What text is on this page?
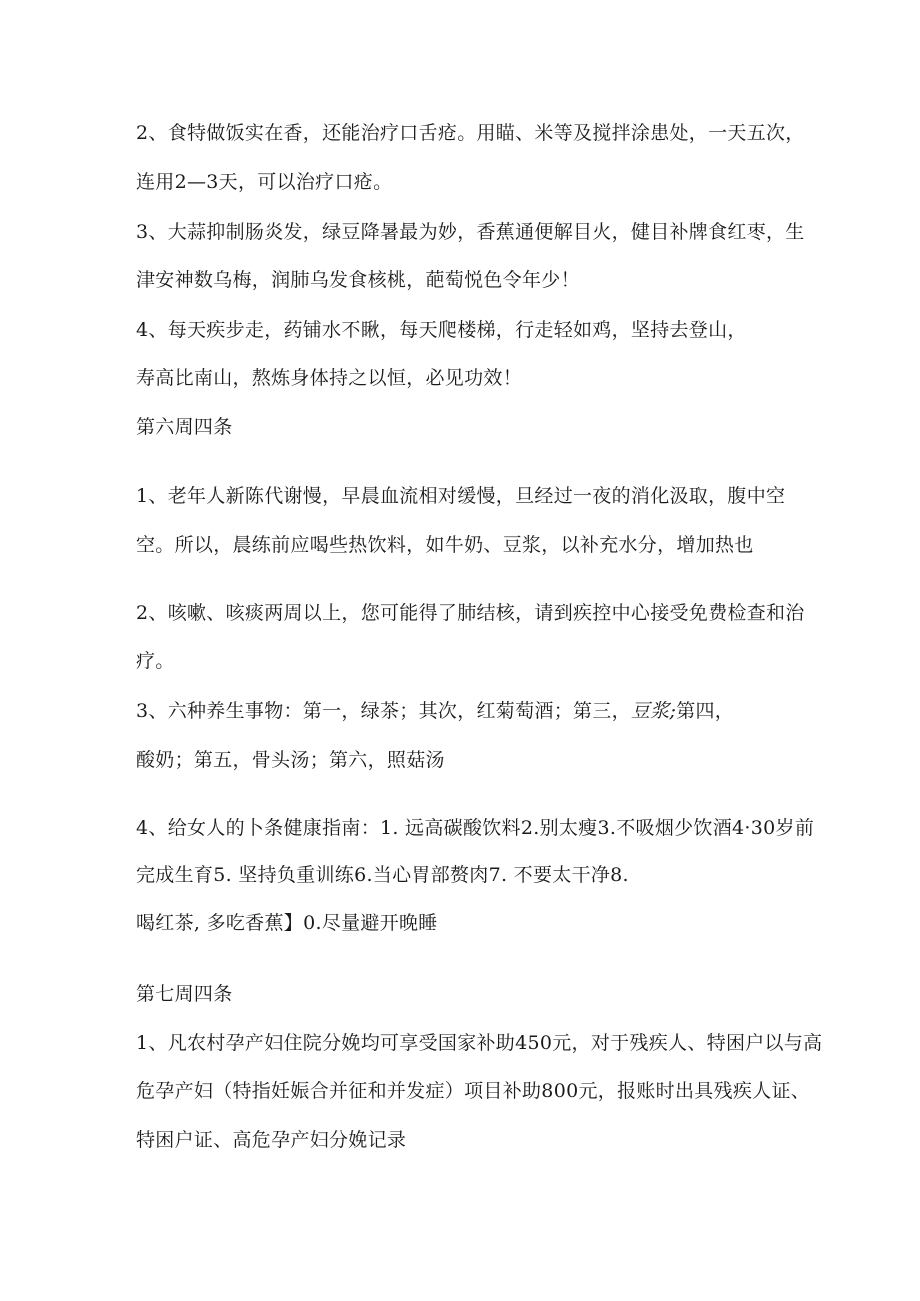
2、食特做饭实在香，还能治疗口舌疮。用瞄、米等及搅拌涂患处，一天五次，
连用2—3天，可以治疗口疮。
3、大蒜抑制肠炎发，绿豆降暑最为妙，香蕉通便解目火，健目补牌食红枣，生
津安神数乌梅，润肺乌发食核桃，葩萄悦色令年少！
4、每天疾步走，药铺水不瞅，每天爬楼梯，行走轻如鸡，坚持去登山，
寿高比南山，熬炼身体持之以恒，必见功效！
第六周四条
1、老年人新陈代谢慢，早晨血流相对缓慢，旦经过一夜的消化汲取，腹中空
空。所以，晨练前应喝些热饮料，如牛奶、豆浆，以补充水分，增加热也
2、咳嗽、咳痰两周以上，您可能得了肺结核，请到疾控中心接受免费检查和治
疗。
3、六种养生事物：第一，绿茶；其次，红菊萄酒；第三，豆浆;第四，
酸奶；第五，骨头汤；第六，照菇汤
4、给女人的卜条健康指南：1. 远高碳酸饮料2.别太瘦3.不吸烟少饮酒4·30岁前
完成生育5. 坚持负重训练6.当心胃部赘肉7. 不要太干净8.
喝红茶, 多吃香蕉】0.尽量避开晚睡
第七周四条
1、凡农村孕产妇住院分娩均可享受国家补助450元，对于残疾人、特困户以与高
危孕产妇（特指妊娠合并征和并发症）项目补助800元，报账时出具残疾人证、
特困户证、高危孕产妇分娩记录
